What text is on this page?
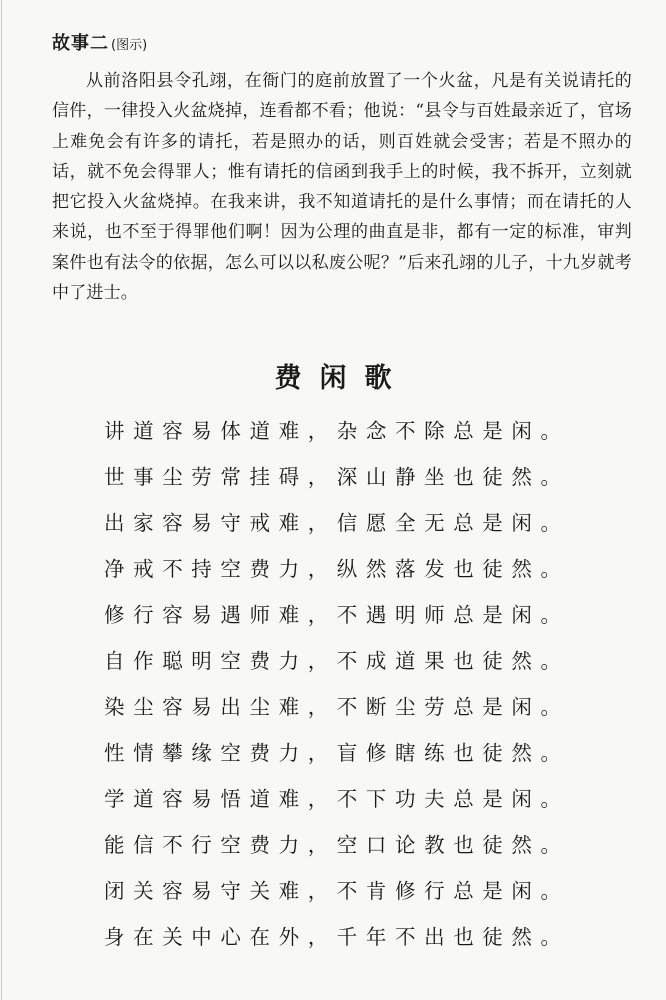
故事二 (图示)

从前洛阳县令孔翊，在衙门的庭前放置了一个火盆，凡是有关说请托的信件，一律投入火盆烧掉，连看都不看；他说：“县令与百姓最亲近了，官场上难免会有许多的请托，若是照办的话，则百姓就会受害；若是不照办的话，就不免会得罪人；惟有请托的信函到我手上的时候，我不拆开，立刻就把它投入火盆烧掉。在我来讲，我不知道请托的是什么事情；而在请托的人来说，也不至于得罪他们啊！因为公理的曲直是非，都有一定的标准，审判案件也有法令的依据，怎么可以以私废公呢？”后来孔翊的儿子，十九岁就考中了进士。

费闲歌
讲道容易体道难，杂念不除总是闲。
世事尘劳常挂碍，深山静坐也徒然。
出家容易守戒难，信愿全无总是闲。
净戒不持空费力，纵然落发也徒然。
修行容易遇师难，不遇明师总是闲。
自作聪明空费力，不成道果也徒然。
染尘容易出尘难，不断尘劳总是闲。
性情攀缘空费力，盲修瞎练也徒然。
学道容易悟道难，不下功夫总是闲。
能信不行空费力，空口论教也徒然。
闭关容易守关难，不肯修行总是闲。
身在关中心在外，千年不出也徒然。
